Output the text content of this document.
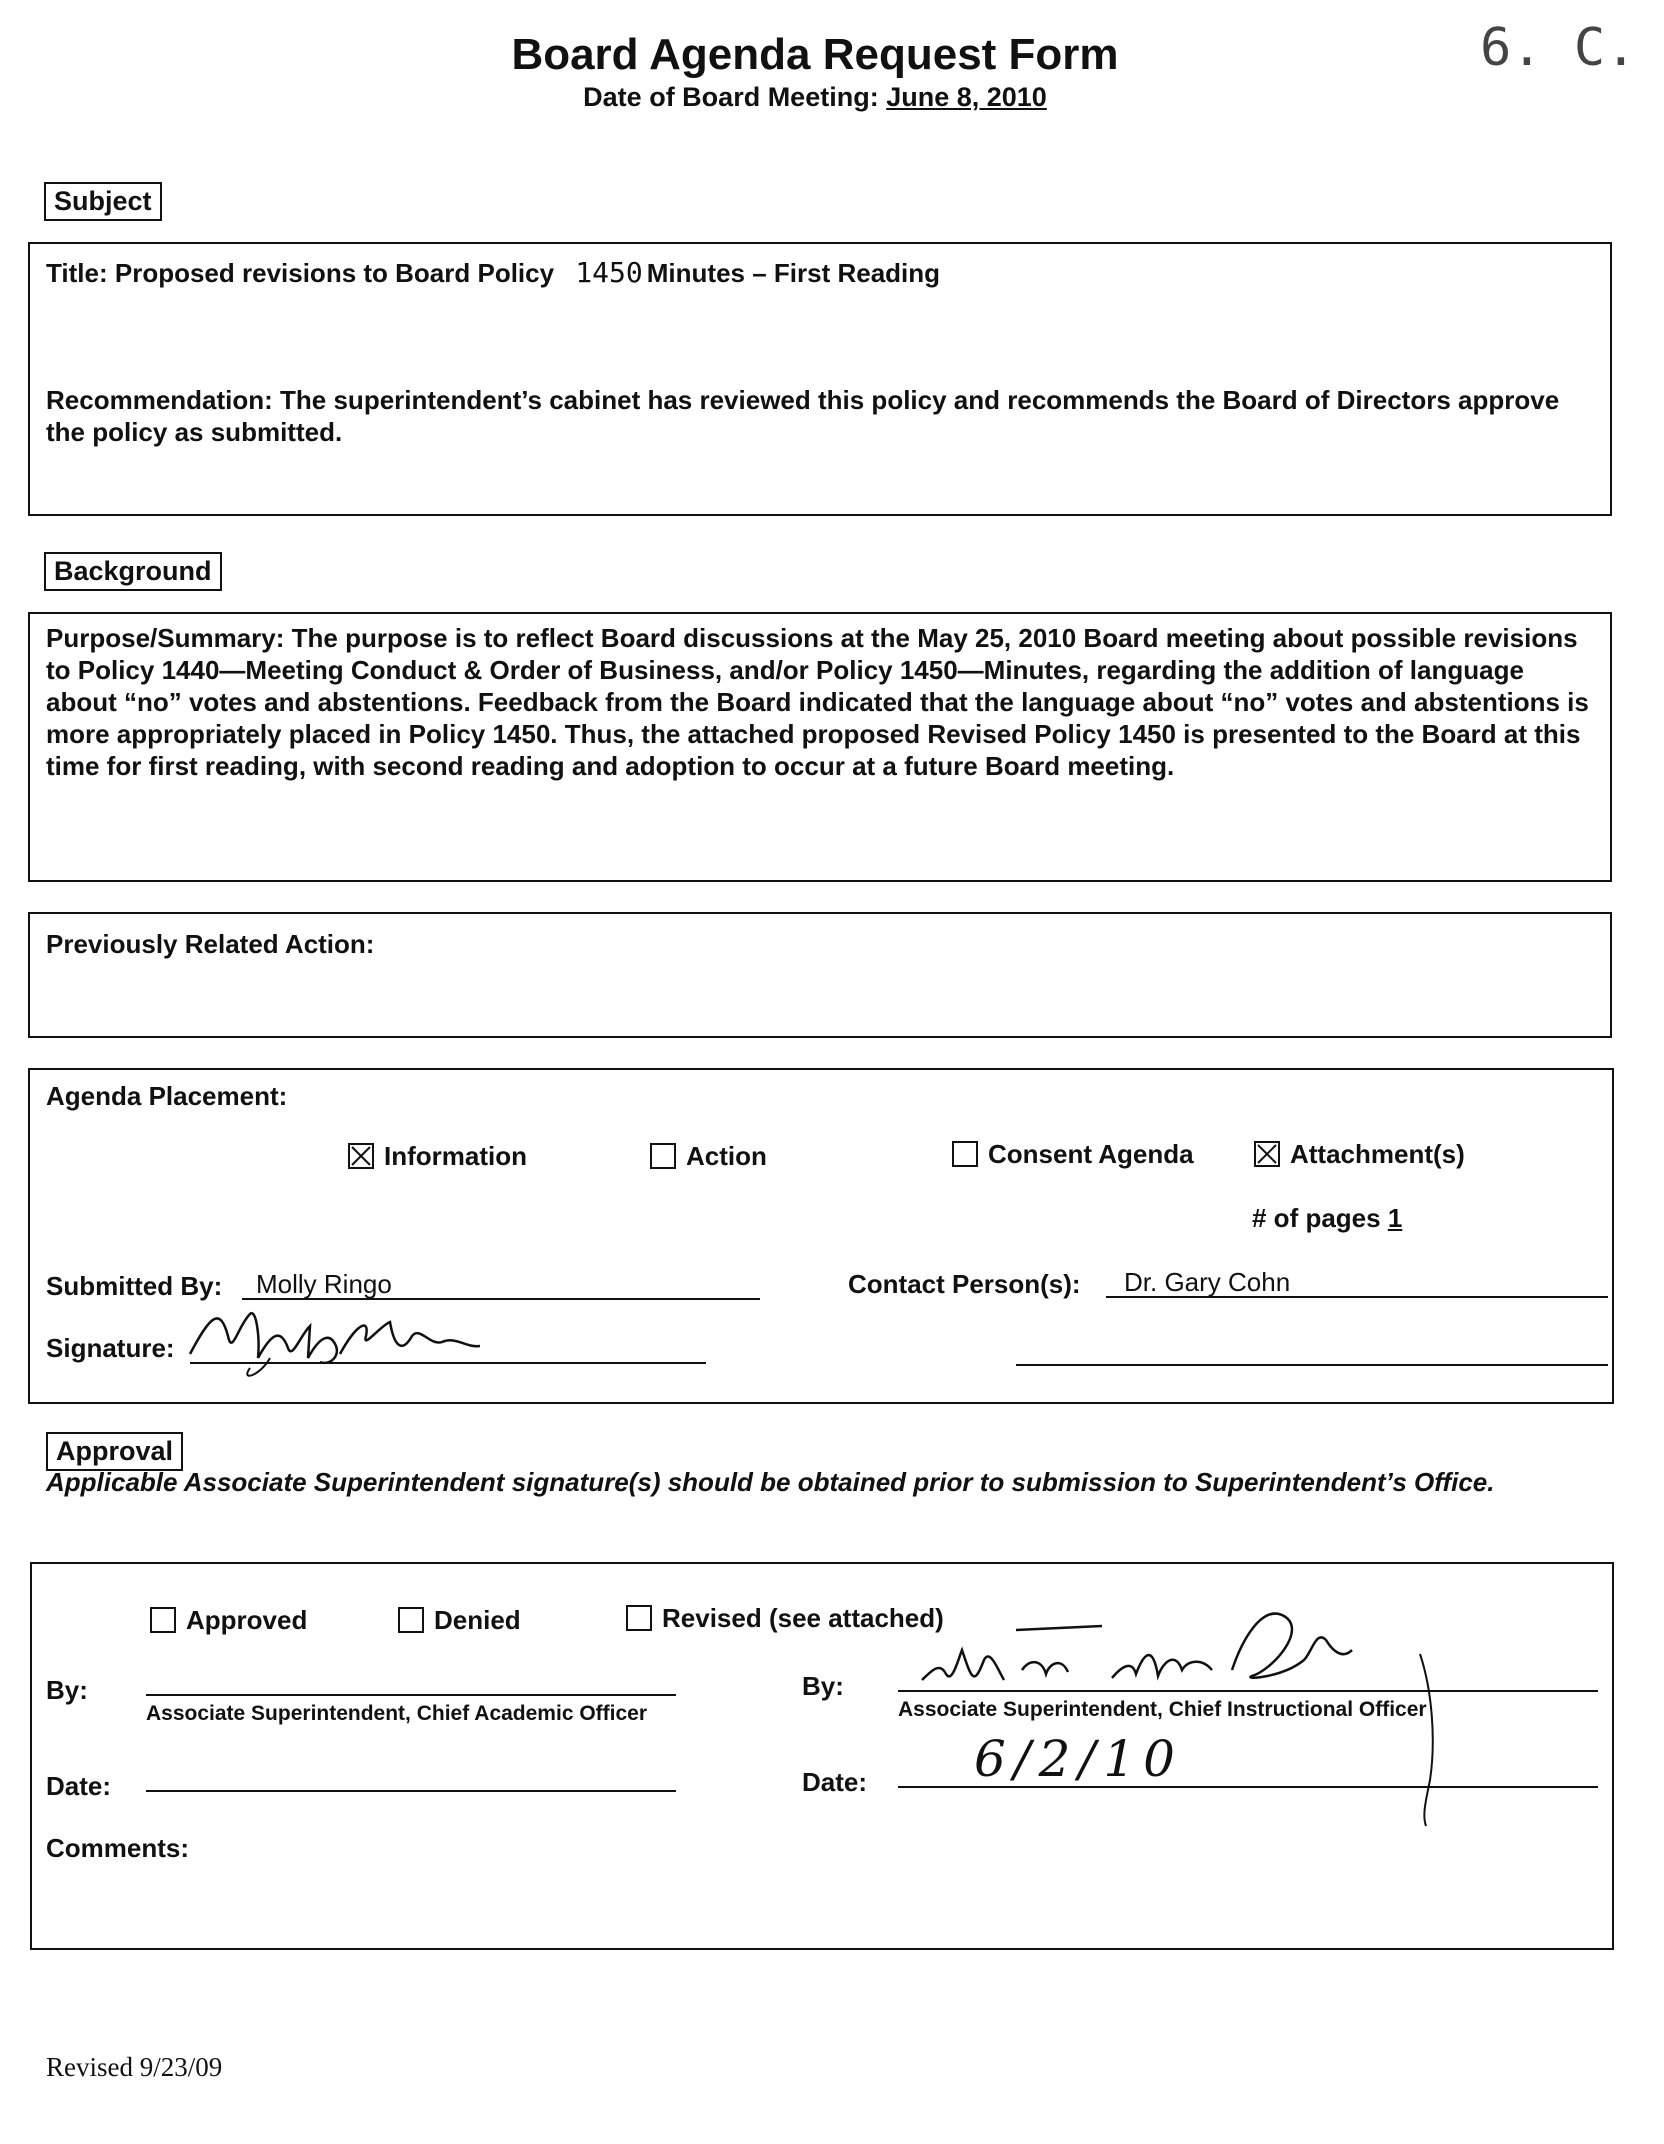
Board Agenda Request Form
Date of Board Meeting: June 8, 2010
6. C.
Subject
Title: Proposed revisions to Board Policy 1450 Minutes – First Reading
Recommendation: The superintendent’s cabinet has reviewed this policy and recommends the Board of Directors approve the policy as submitted.
Background
Purpose/Summary: The purpose is to reflect Board discussions at the May 25, 2010 Board meeting about possible revisions to Policy 1440—Meeting Conduct & Order of Business, and/or Policy 1450—Minutes, regarding the addition of language about “no” votes and abstentions. Feedback from the Board indicated that the language about “no” votes and abstentions is more appropriately placed in Policy 1450. Thus, the attached proposed Revised Policy 1450 is presented to the Board at this time for first reading, with second reading and adoption to occur at a future Board meeting.
Previously Related Action:
Agenda Placement:
Information	Action	Consent Agenda	Attachment(s)
# of pages 1
Submitted By: Molly Ringo	Contact Person(s): Dr. Gary Cohn
Signature:
Approval
Applicable Associate Superintendent signature(s) should be obtained prior to submission to Superintendent’s Office.
Approved	Denied	Revised (see attached)
By:
Associate Superintendent, Chief Academic Officer
By:
Associate Superintendent, Chief Instructional Officer
Date:	Date: 6/2/10
Comments:
Revised 9/23/09
